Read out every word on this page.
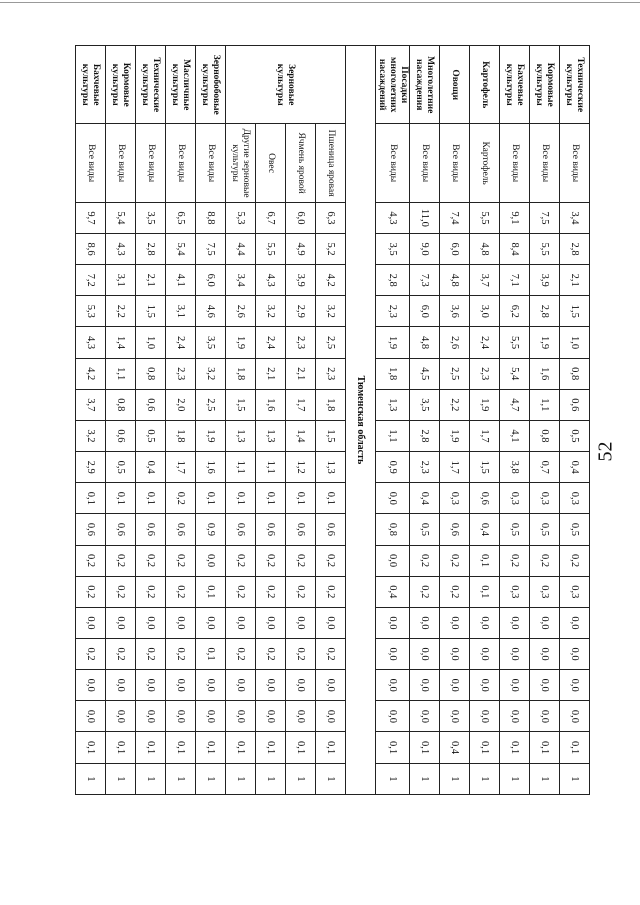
52
Технические культуры	Все виды	3,4	2,8	2,1	1,5	1,0	0,8	0,6	0,5	0,4	0,3	0,5	0,2	0,3	0,0	0,0	0,0	0,0	0,1	1
Кормовые культуры	Все виды	7,5	5,5	3,9	2,8	1,9	1,6	1,1	0,8	0,7	0,3	0,5	0,2	0,3	0,0	0,0	0,0	0,0	0,1	1
Бахчевые культуры	Все виды	9,1	8,4	7,1	6,2	5,5	5,4	4,7	4,1	3,8	0,3	0,5	0,2	0,3	0,0	0,0	0,0	0,0	0,1	1
Картофель	Картофель	5,5	4,8	3,7	3,0	2,4	2,3	1,9	1,7	1,5	0,6	0,4	0,1	0,1	0,0	0,0	0,0	0,0	0,1	1
Овощи	Все виды	7,4	6,0	4,8	3,6	2,6	2,5	2,2	1,9	1,7	0,3	0,6	0,2	0,2	0,0	0,0	0,0	0,0	0,4	1
Многолетние насаждения	Все виды	11,0	9,0	7,3	6,0	4,8	4,5	3,5	2,8	2,3	0,4	0,5	0,2	0,2	0,0	0,0	0,0	0,0	0,1	1
Посадки многолетних насаждений	Все виды	4,3	3,5	2,8	2,3	1,9	1,8	1,3	1,1	0,9	0,0	0,8	0,0	0,4	0,0	0,0	0,0	0,0	0,1	1
Тюменская область																				
Зерновые культуры	Пшеница яровая	6,3	5,2	4,2	3,2	2,5	2,3	1,8	1,5	1,3	0,1	0,6	0,2	0,2	0,0	0,2	0,0	0,0	0,1	1
	Ячмень яровой	6,0	4,9	3,9	2,9	2,3	2,1	1,7	1,4	1,2	0,1	0,6	0,2	0,2	0,0	0,2	0,0	0,0	0,1	1
	Овес	6,7	5,5	4,3	3,2	2,4	2,1	1,6	1,3	1,1	0,1	0,6	0,2	0,2	0,0	0,2	0,0	0,0	0,1	1
	Другие зерновые культуры	5,3	4,4	3,4	2,6	1,9	1,8	1,5	1,3	1,1	0,1	0,6	0,2	0,2	0,0	0,2	0,0	0,0	0,1	1
Зернобобовые культуры	Все виды	8,8	7,5	6,0	4,6	3,5	3,2	2,5	1,9	1,6	0,1	0,9	0,0	0,1	0,0	0,1	0,0	0,0	0,1	1
Масличные культуры	Все виды	6,5	5,4	4,1	3,1	2,4	2,3	2,0	1,8	1,7	0,2	0,6	0,2	0,2	0,0	0,2	0,0	0,0	0,1	1
Технические культуры	Все виды	3,5	2,8	2,1	1,5	1,0	0,8	0,6	0,5	0,4	0,1	0,6	0,2	0,2	0,0	0,2	0,0	0,0	0,1	1
Кормовые культуры	Все виды	5,4	4,3	3,1	2,2	1,4	1,1	0,8	0,6	0,5	0,1	0,6	0,2	0,2	0,0	0,2	0,0	0,0	0,1	1
Бахчевые культуры	Все виды	9,7	8,6	7,2	5,3	4,3	4,2	3,7	3,2	2,9	0,1	0,6	0,2	0,2	0,0	0,2	0,0	0,0	0,1	1
